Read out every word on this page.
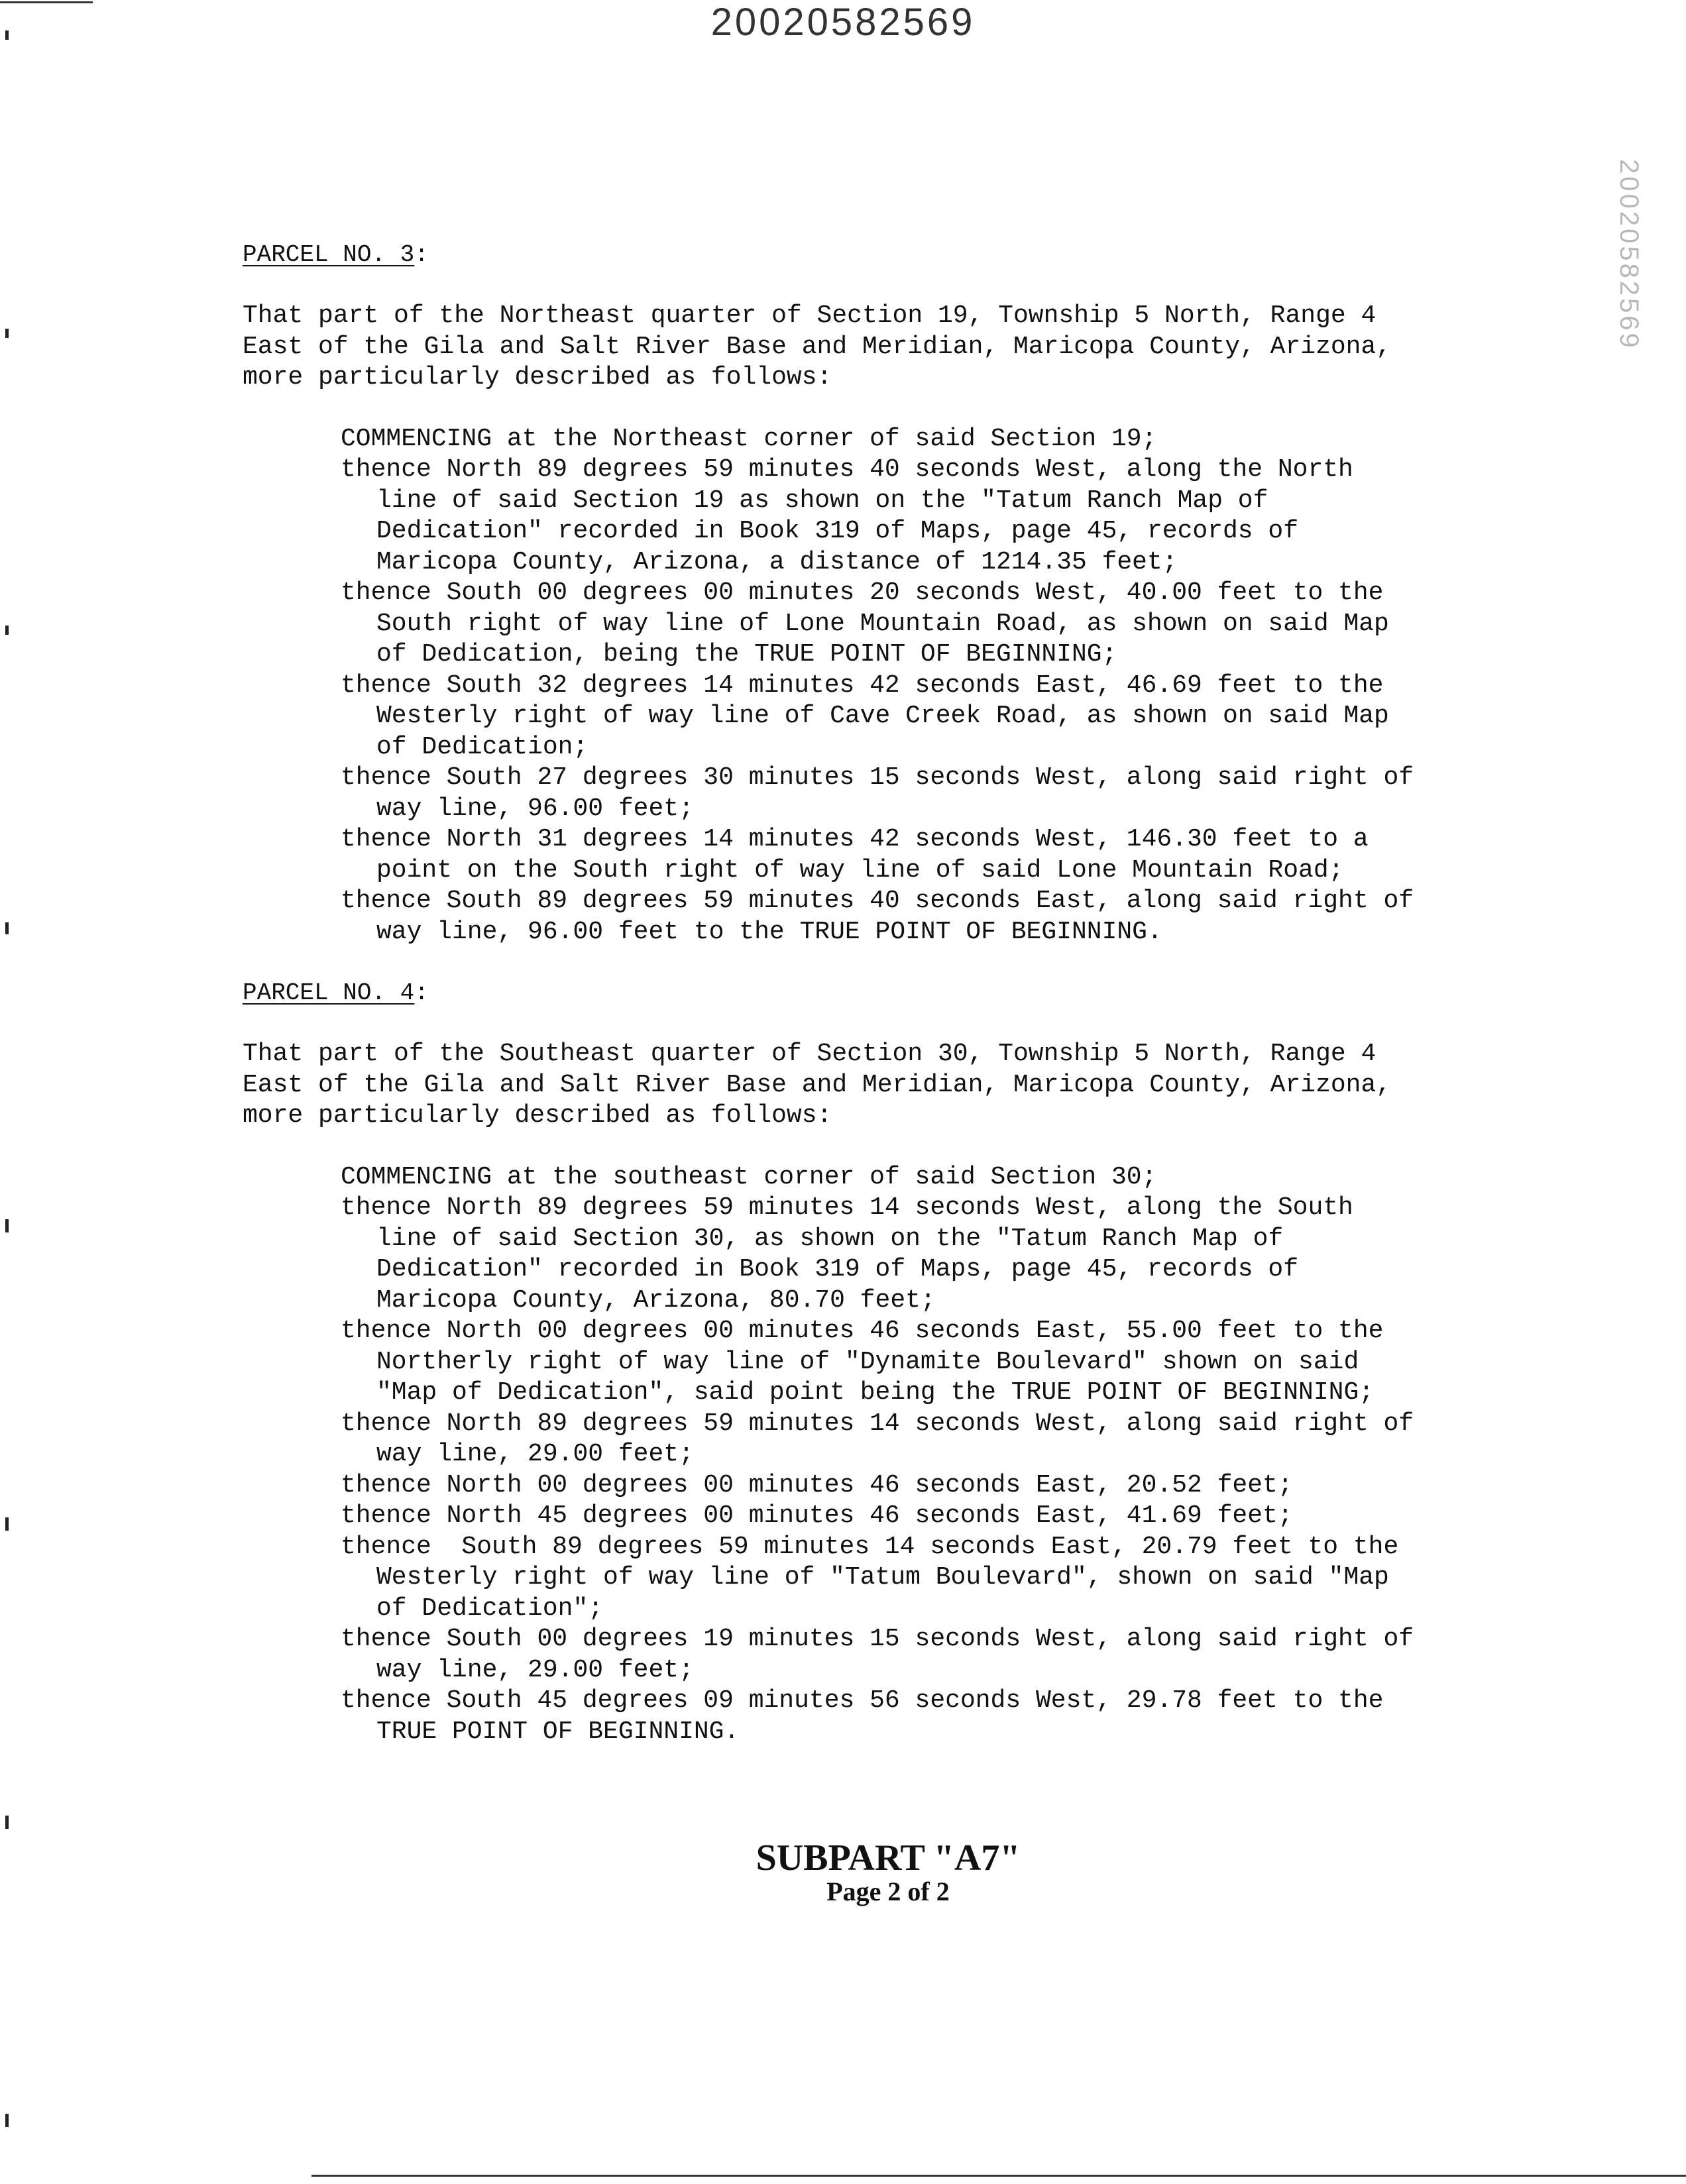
20020582569
20020582569
PARCEL NO. 3:
That part of the Northeast quarter of Section 19, Township 5 North, Range 4
East of the Gila and Salt River Base and Meridian, Maricopa County, Arizona,
more particularly described as follows:
COMMENCING at the Northeast corner of said Section 19;
thence North 89 degrees 59 minutes 40 seconds West, along the North
line of said Section 19 as shown on the "Tatum Ranch Map of
Dedication" recorded in Book 319 of Maps, page 45, records of
Maricopa County, Arizona, a distance of 1214.35 feet;
thence South 00 degrees 00 minutes 20 seconds West, 40.00 feet to the
South right of way line of Lone Mountain Road, as shown on said Map
of Dedication, being the TRUE POINT OF BEGINNING;
thence South 32 degrees 14 minutes 42 seconds East, 46.69 feet to the
Westerly right of way line of Cave Creek Road, as shown on said Map
of Dedication;
thence South 27 degrees 30 minutes 15 seconds West, along said right of
way line, 96.00 feet;
thence North 31 degrees 14 minutes 42 seconds West, 146.30 feet to a
point on the South right of way line of said Lone Mountain Road;
thence South 89 degrees 59 minutes 40 seconds East, along said right of
way line, 96.00 feet to the TRUE POINT OF BEGINNING.
PARCEL NO. 4:
That part of the Southeast quarter of Section 30, Township 5 North, Range 4
East of the Gila and Salt River Base and Meridian, Maricopa County, Arizona,
more particularly described as follows:
COMMENCING at the southeast corner of said Section 30;
thence North 89 degrees 59 minutes 14 seconds West, along the South
line of said Section 30, as shown on the "Tatum Ranch Map of
Dedication" recorded in Book 319 of Maps, page 45, records of
Maricopa County, Arizona, 80.70 feet;
thence North 00 degrees 00 minutes 46 seconds East, 55.00 feet to the
Northerly right of way line of "Dynamite Boulevard" shown on said
"Map of Dedication", said point being the TRUE POINT OF BEGINNING;
thence North 89 degrees 59 minutes 14 seconds West, along said right of
way line, 29.00 feet;
thence North 00 degrees 00 minutes 46 seconds East, 20.52 feet;
thence North 45 degrees 00 minutes 46 seconds East, 41.69 feet;
thence  South 89 degrees 59 minutes 14 seconds East, 20.79 feet to the
Westerly right of way line of "Tatum Boulevard", shown on said "Map
of Dedication";
thence South 00 degrees 19 minutes 15 seconds West, along said right of
way line, 29.00 feet;
thence South 45 degrees 09 minutes 56 seconds West, 29.78 feet to the
TRUE POINT OF BEGINNING.
SUBPART "A7"
Page 2 of 2
